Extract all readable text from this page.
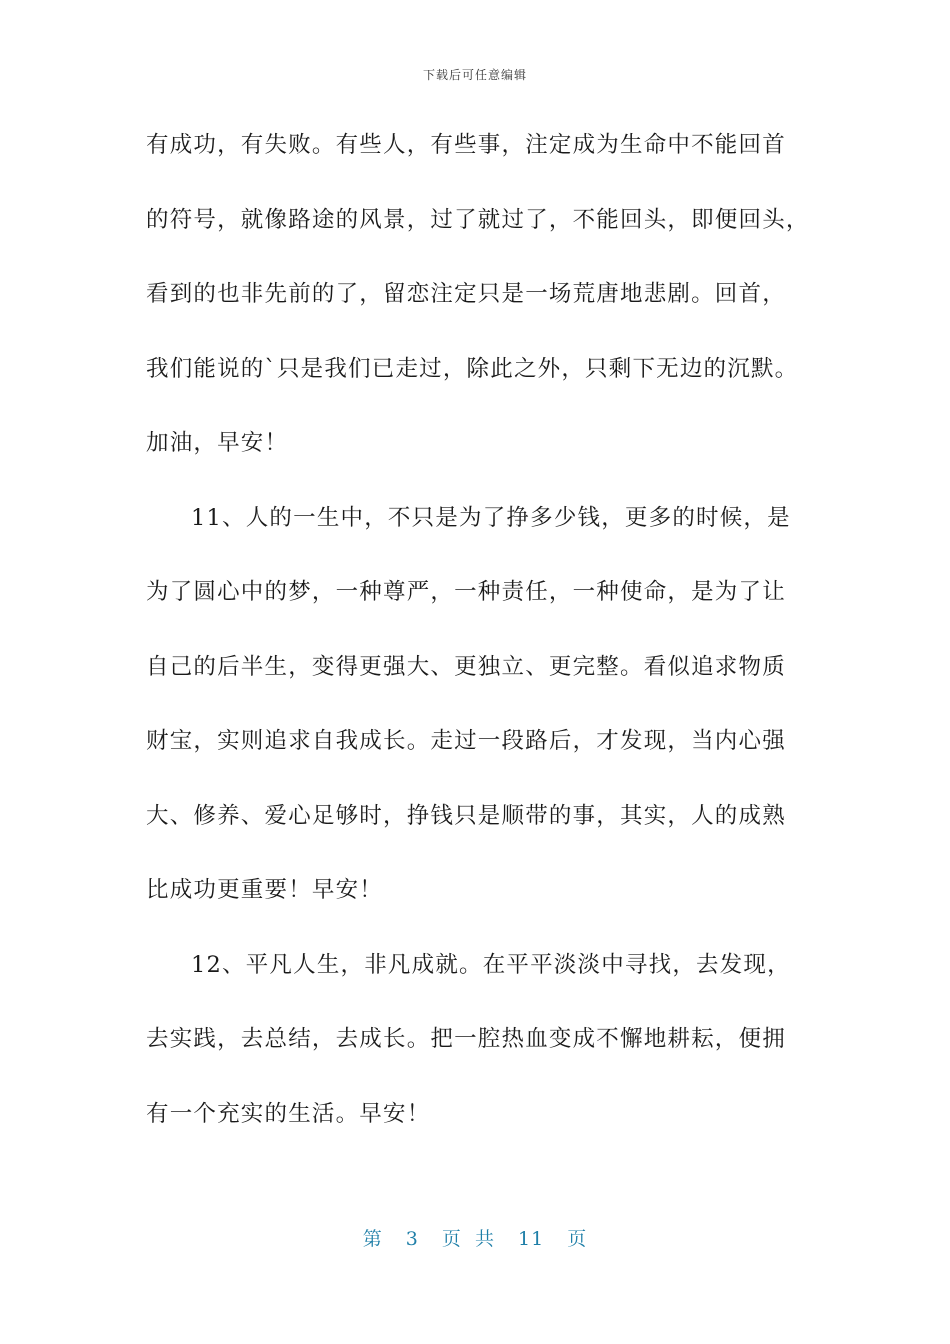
下载后可任意编辑
有成功，有失败。有些人，有些事，注定成为生命中不能回首
的符号，就像路途的风景，过了就过了，不能回头，即便回头，
看到的也非先前的了，留恋注定只是一场荒唐地悲剧。回首，
我们能说的`只是我们已走过，除此之外，只剩下无边的沉默。
加油，早安！
11、人的一生中，不只是为了挣多少钱，更多的时候，是
为了圆心中的梦，一种尊严，一种责任，一种使命，是为了让
自己的后半生，变得更强大、更独立、更完整。看似追求物质
财宝，实则追求自我成长。走过一段路后，才发现，当内心强
大、修养、爱心足够时，挣钱只是顺带的事，其实，人的成熟
比成功更重要！早安！
12、平凡人生，非凡成就。在平平淡淡中寻找，去发现，
去实践，去总结，去成长。把一腔热血变成不懈地耕耘，便拥
有一个充实的生活。早安！
第 3 页 共 11 页
